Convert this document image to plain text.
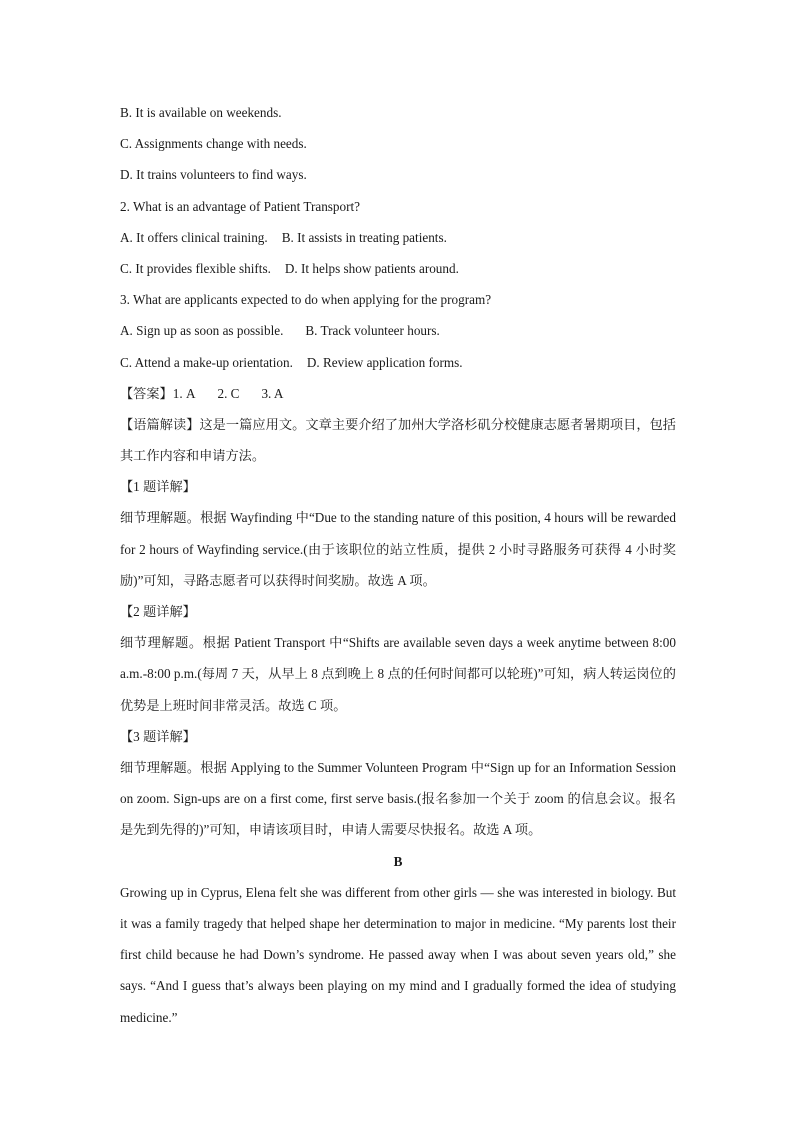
B. It is available on weekends.
C. Assignments change with needs.
D. It trains volunteers to find ways.
2. What is an advantage of Patient Transport?
A. It offers clinical training. B. It assists in treating patients.
C. It provides flexible shifts. D. It helps show patients around.
3. What are applicants expected to do when applying for the program?
A. Sign up as soon as possible. B. Track volunteer hours.
C. Attend a make-up orientation. D. Review application forms.
【答案】1. A 2. C 3. A
【语篇解读】这是一篇应用文。文章主要介绍了加州大学洛杉矶分校健康志愿者暑期项目，包括其工作内容和申请方法。
【1 题详解】
细节理解题。根据 Wayfinding 中“Due to the standing nature of this position, 4 hours will be rewarded for 2 hours of Wayfinding service.(由于该职位的站立性质，提供 2 小时寻路服务可获得 4 小时奖励)”可知，寻路志愿者可以获得时间奖励。故选 A 项。
【2 题详解】
细节理解题。根据 Patient Transport 中“Shifts are available seven days a week anytime between 8:00 a.m.-8:00 p.m.(每周 7 天，从早上 8 点到晚上 8 点的任何时间都可以轮班)”可知，病人转运岗位的优势是上班时间非常灵活。故选 C 项。
【3 题详解】
细节理解题。根据 Applying to the Summer Volunteen Program 中“Sign up for an Information Session on zoom. Sign-ups are on a first come, first serve basis.(报名参加一个关于 zoom 的信息会议。报名是先到先得的)”可知，申请该项目时，申请人需要尽快报名。故选 A 项。
B
Growing up in Cyprus, Elena felt she was different from other girls — she was interested in biology. But it was a family tragedy that helped shape her determination to major in medicine. “My parents lost their first child because he had Down’s syndrome. He passed away when I was about seven years old,” she says. “And I guess that’s always been playing on my mind and I gradually formed the idea of studying medicine.”
